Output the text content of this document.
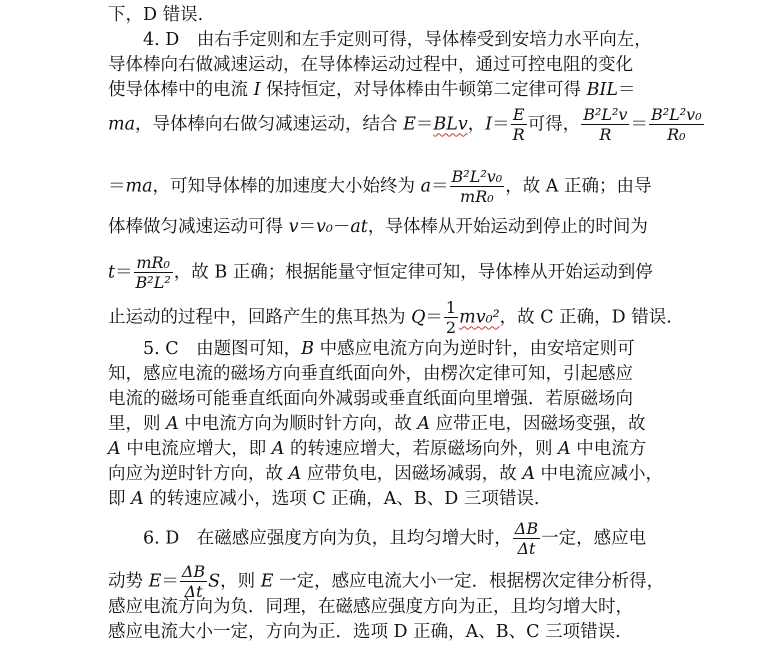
下，D 错误.
4. D　由右手定则和左手定则可得，导体棒受到安培力水平向左，
导体棒向右做减速运动，在导体棒运动过程中，通过可控电阻的变化
使导体棒中的电流 I 保持恒定，对导体棒由牛顿第二定律可得 BIL＝
ma，导体棒向右做匀减速运动，结合 E＝BLv，$I= \frac{E}{R}$ 可得， $\frac{\text{B²L²v}}{R} = \frac{\text{B²L²v₀}}{\text{R₀}}$
＝ma，可知导体棒的加速度大小始终为 $a= \frac{\text{B²L²v₀}}{\text{mR₀}}$ ，故 A 正确；由导
体棒做匀减速运动可得 v＝v₀－at，导体棒从开始运动到停止的时间为
$t= \frac{\text{mR₀}}{\text{B²L²}}$ ，故 B 正确；根据能量守恒定律可知，导体棒从开始运动到停
止运动的过程中，回路产生的焦耳热为 $Q= \frac{1}{2} mv_0^2$，故 C 正确，D 错误.
5. C　由题图可知，B 中感应电流方向为逆时针，由安培定则可
知，感应电流的磁场方向垂直纸面向外，由楞次定律可知，引起感应
电流的磁场可能垂直纸面向外减弱或垂直纸面向里增强．若原磁场向
里，则 A 中电流方向为顺时针方向，故 A 应带正电，因磁场变强，故
A 中电流应增大，即 A 的转速应增大，若原磁场向外，则 A 中电流方
向应为逆时针方向，故 A 应带负电，因磁场减弱，故 A 中电流应减小，
即 A 的转速应减小，选项 C 正确，A、B、D 三项错误.
6. D　在磁感应强度方向为负，且均匀增大时， $\frac{\Delta B}{\Delta t}$ 一定，感应电
动势 $E= \frac{\Delta B}{\Delta t}$ S，则 E 一定，感应电流大小一定．根据楞次定律分析得，
感应电流方向为负．同理，在磁感应强度方向为正，且均匀增大时，
感应电流大小一定，方向为正．选项 D 正确，A、B、C 三项错误.
